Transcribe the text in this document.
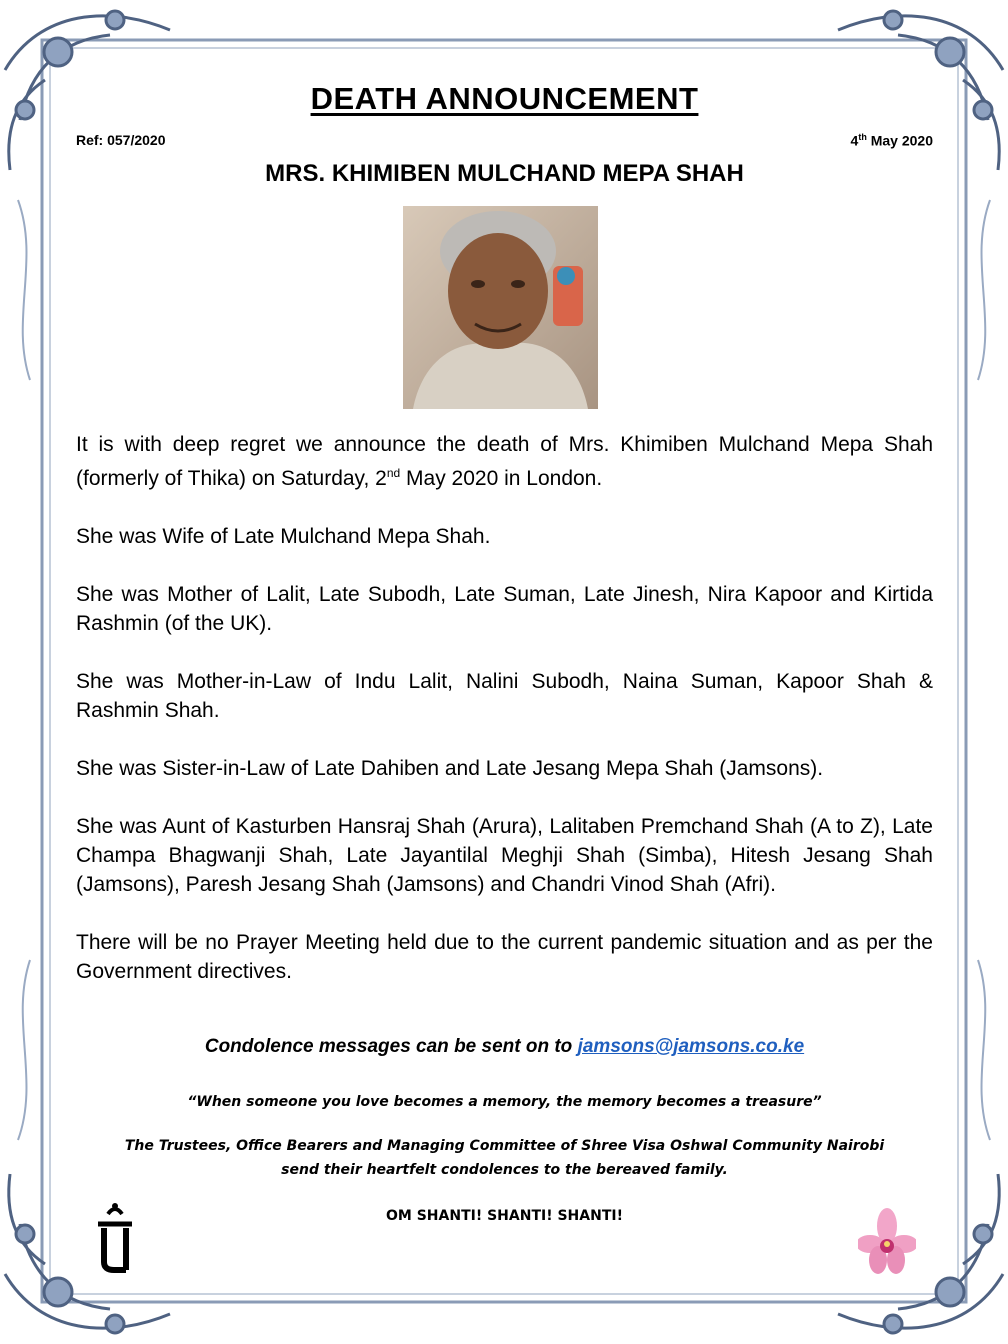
DEATH ANNOUNCEMENT
Ref: 057/2020	4th May 2020
MRS. KHIMIBEN MULCHAND MEPA SHAH

It is with deep regret we announce the death of Mrs. Khimiben Mulchand Mepa Shah (formerly of Thika) on Saturday, 2nd May 2020 in London.

She was Wife of Late Mulchand Mepa Shah.

She was Mother of Lalit, Late Subodh, Late Suman, Late Jinesh, Nira Kapoor and Kirtida Rashmin (of the UK).

She was Mother-in-Law of Indu Lalit, Nalini Subodh, Naina Suman, Kapoor Shah & Rashmin Shah.

She was Sister-in-Law of Late Dahiben and Late Jesang Mepa Shah (Jamsons).

She was Aunt of Kasturben Hansraj Shah (Arura), Lalitaben Premchand Shah (A to Z), Late Champa Bhagwanji Shah, Late Jayantilal Meghji Shah (Simba), Hitesh Jesang Shah (Jamsons), Paresh Jesang Shah (Jamsons) and Chandri Vinod Shah (Afri).

There will be no Prayer Meeting held due to the current pandemic situation and as per the Government directives.

Condolence messages can be sent on to jamsons@jamsons.co.ke
“When someone you love becomes a memory, the memory becomes a treasure”
The Trustees, Office Bearers and Managing Committee of Shree Visa Oshwal Community Nairobi
send their heartfelt condolences to the bereaved family.
OM SHANTI! SHANTI! SHANTI!
